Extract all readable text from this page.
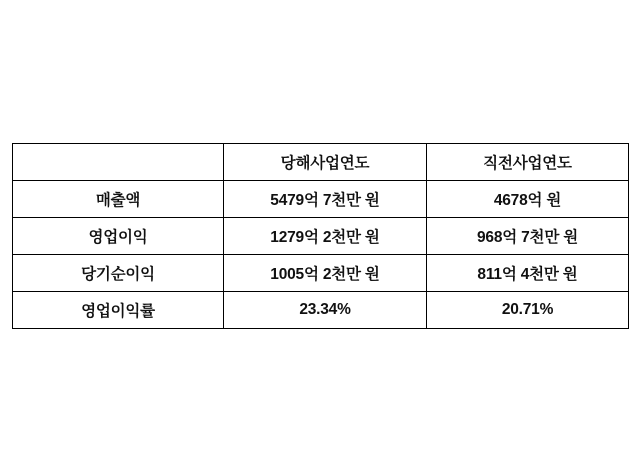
	당해사업연도	직전사업연도
매출액	5479억 7천만 원	4678억 원
영업이익	1279억 2천만 원	968억 7천만 원
당기순이익	1005억 2천만 원	811억 4천만 원
영업이익률	23.34%	20.71%
